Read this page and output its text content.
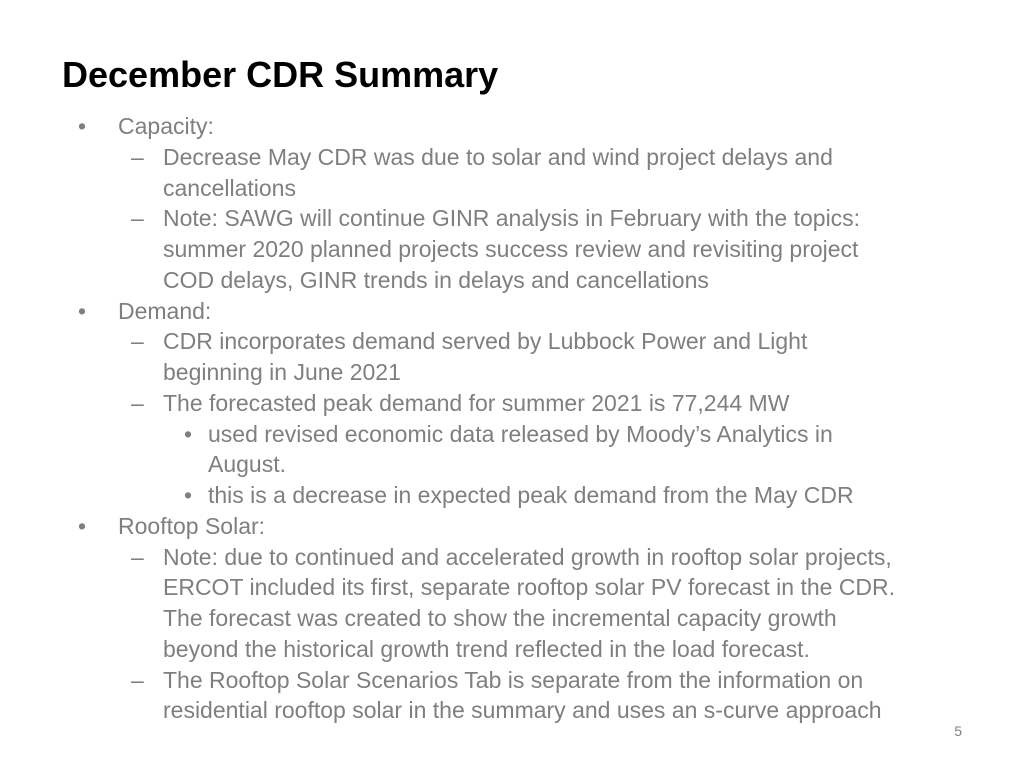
December CDR Summary
• Capacity:
– Decrease May CDR was due to solar and wind project delays and
cancellations
– Note: SAWG will continue GINR analysis in February with the topics:
summer 2020 planned projects success review and revisiting project
COD delays, GINR trends in delays and cancellations
• Demand:
– CDR incorporates demand served by Lubbock Power and Light
beginning in June 2021
– The forecasted peak demand for summer 2021 is 77,244 MW
• used revised economic data released by Moody’s Analytics in
August.
• this is a decrease in expected peak demand from the May CDR
• Rooftop Solar:
– Note: due to continued and accelerated growth in rooftop solar projects,
ERCOT included its first, separate rooftop solar PV forecast in the CDR.
The forecast was created to show the incremental capacity growth
beyond the historical growth trend reflected in the load forecast.
– The Rooftop Solar Scenarios Tab is separate from the information on
residential rooftop solar in the summary and uses an s-curve approach
5
